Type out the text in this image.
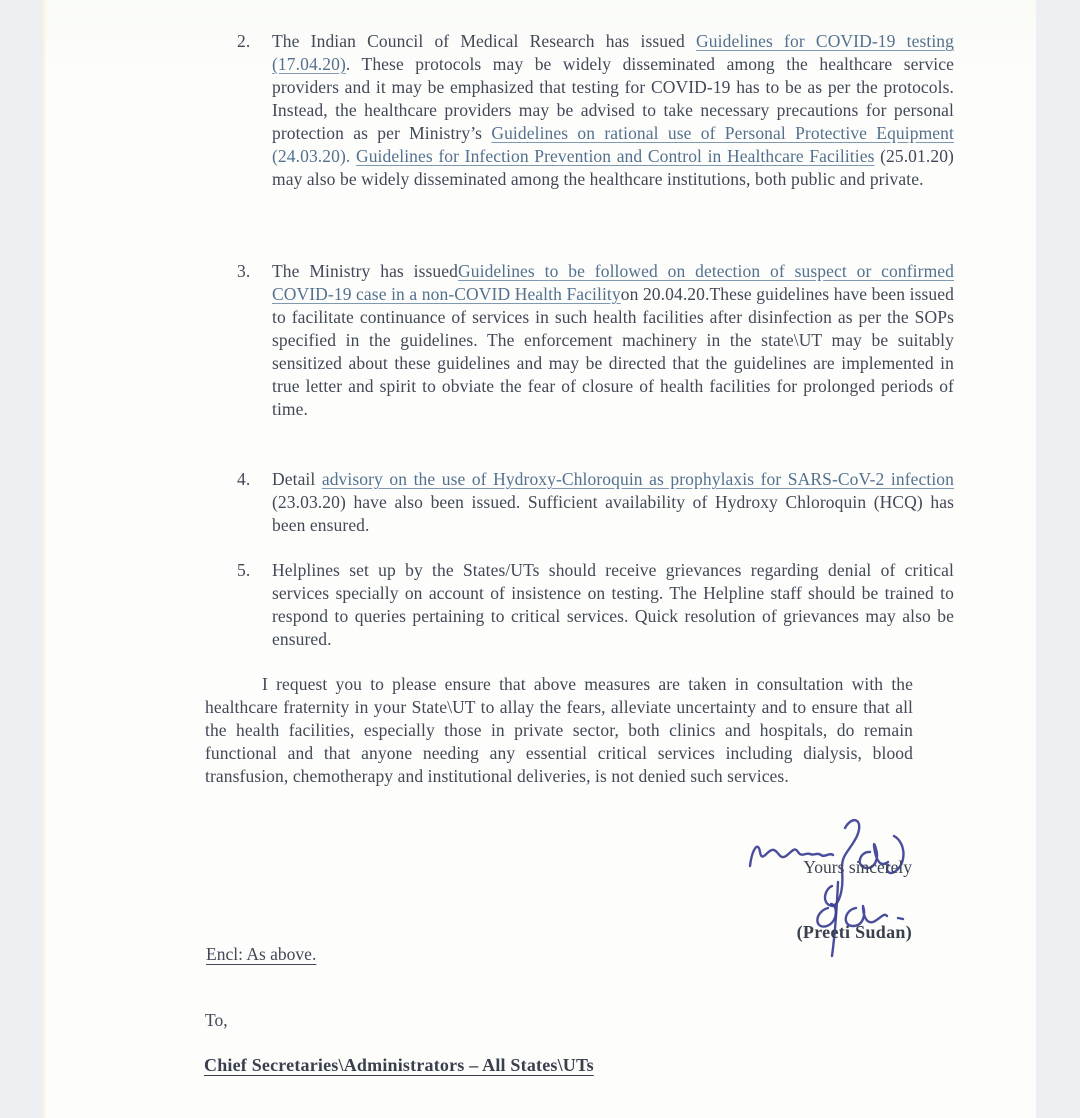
2.	The Indian Council of Medical Research has issued Guidelines for COVID-19 testing (17.04.20). These protocols may be widely disseminated among the healthcare service providers and it may be emphasized that testing for COVID-19 has to be as per the protocols. Instead, the healthcare providers may be advised to take necessary precautions for personal protection as per Ministry’s Guidelines on rational use of Personal Protective Equipment (24.03.20). Guidelines for Infection Prevention and Control in Healthcare Facilities (25.01.20) may also be widely disseminated among the healthcare institutions, both public and private.
3.	The Ministry has issuedGuidelines to be followed on detection of suspect or confirmed COVID-19 case in a non-COVID Health Facilityon 20.04.20.These guidelines have been issued to facilitate continuance of services in such health facilities after disinfection as per the SOPs specified in the guidelines. The enforcement machinery in the state\UT may be suitably sensitized about these guidelines and may be directed that the guidelines are implemented in true letter and spirit to obviate the fear of closure of health facilities for prolonged periods of time.
4.	Detail advisory on the use of Hydroxy-Chloroquin as prophylaxis for SARS-CoV-2 infection (23.03.20) have also been issued. Sufficient availability of Hydroxy Chloroquin (HCQ) has been ensured.
5.	Helplines set up by the States/UTs should receive grievances regarding denial of critical services specially on account of insistence on testing. The Helpline staff should be trained to respond to queries pertaining to critical services. Quick resolution of grievances may also be ensured.
I request you to please ensure that above measures are taken in consultation with the healthcare fraternity in your State\UT to allay the fears, alleviate uncertainty and to ensure that all the health facilities, especially those in private sector, both clinics and hospitals, do remain functional and that anyone needing any essential critical services including dialysis, blood transfusion, chemotherapy and institutional deliveries, is not denied such services.
Yours sincerely
(Preeti Sudan)
Encl: As above.
To,
Chief Secretaries\Administrators – All States\UTs
